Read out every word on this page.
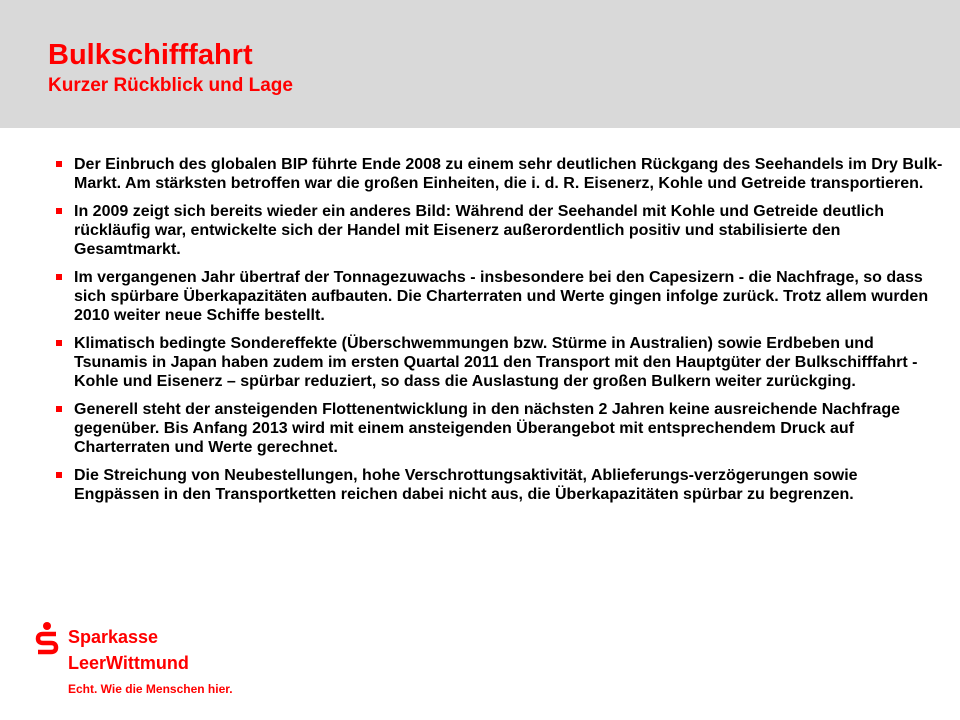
Bulkschifffahrt
Kurzer Rückblick und Lage
Der Einbruch des globalen BIP führte Ende 2008 zu einem sehr deutlichen Rückgang des Seehandels im Dry Bulk-Markt. Am stärksten betroffen war die großen Einheiten, die i. d. R. Eisenerz, Kohle und Getreide transportieren.
In 2009 zeigt sich bereits wieder ein anderes Bild: Während der Seehandel mit Kohle und Getreide deutlich rückläufig war, entwickelte sich der Handel mit Eisenerz außerordentlich positiv und stabilisierte den Gesamtmarkt.
Im vergangenen Jahr übertraf der Tonnagezuwachs - insbesondere bei den Capesizern - die Nachfrage, so dass sich spürbare Überkapazitäten aufbauten. Die Charterraten und Werte gingen infolge zurück. Trotz allem wurden 2010 weiter neue Schiffe bestellt.
Klimatisch bedingte Sondereffekte (Überschwemmungen bzw. Stürme in Australien) sowie Erdbeben und Tsunamis in Japan haben zudem im ersten Quartal 2011 den Transport mit den Hauptgüter der Bulkschifffahrt - Kohle und Eisenerz – spürbar reduziert, so dass die Auslastung der großen Bulkern weiter zurückging.
Generell steht der ansteigenden Flottenentwicklung in den nächsten 2 Jahren keine ausreichende Nachfrage gegenüber. Bis Anfang 2013 wird mit einem ansteigenden Überangebot mit entsprechendem Druck auf Charterraten und Werte gerechnet.
Die Streichung von Neubestellungen, hohe Verschrottungsaktivität, Ablieferungs-verzögerungen sowie Engpässen in den Transportketten reichen dabei nicht aus, die Überkapazitäten spürbar zu begrenzen.
Sparkasse
LeerWittmund
Echt. Wie die Menschen hier.
